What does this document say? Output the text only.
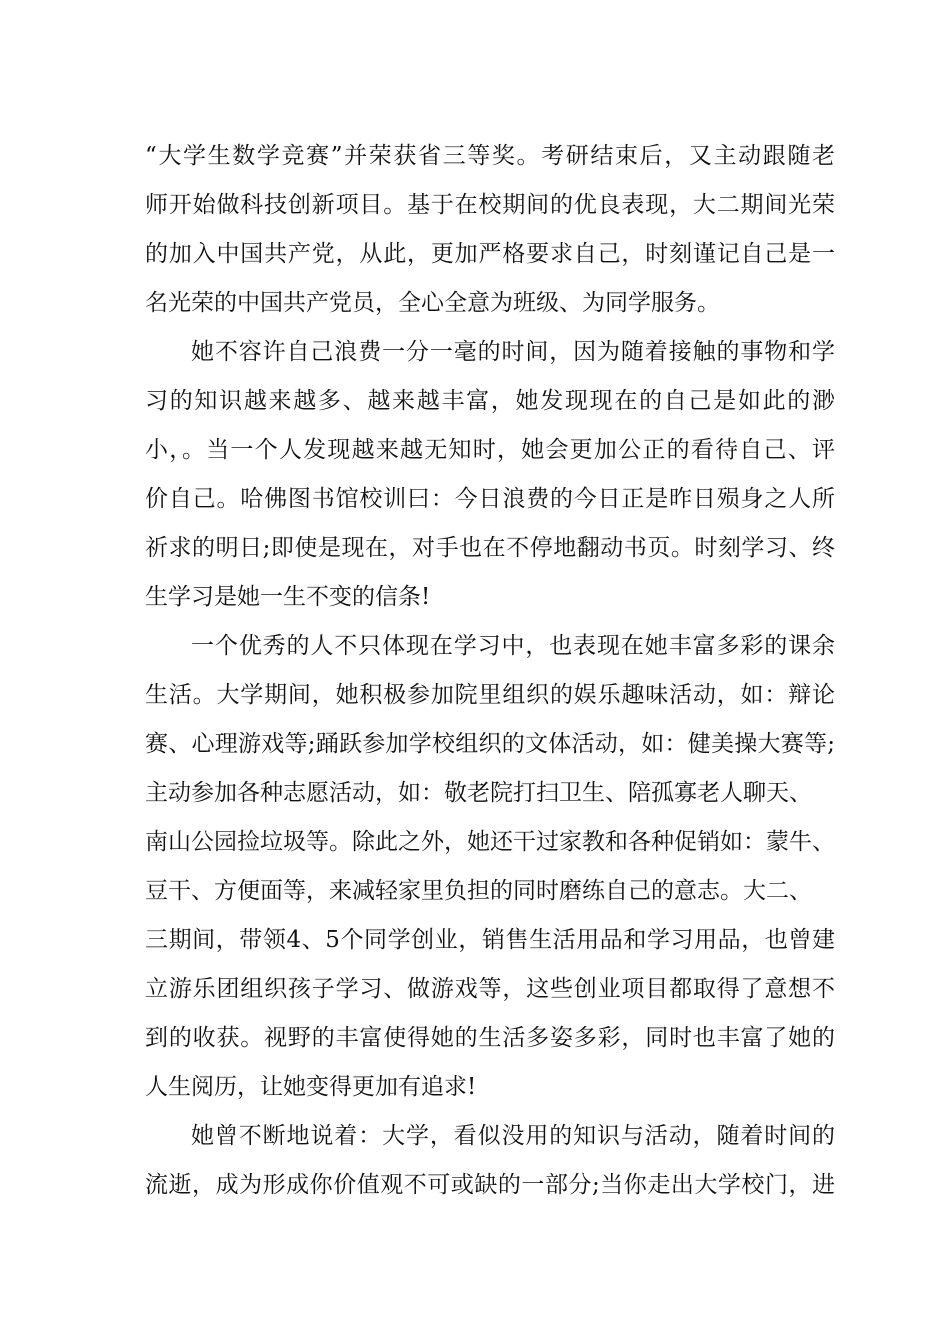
“大学生数学竞赛”并荣获省三等奖。考研结束后，又主动跟随老
师开始做科技创新项目。基于在校期间的优良表现，大二期间光荣
的加入中国共产党，从此，更加严格要求自己，时刻谨记自己是一
名光荣的中国共产党员，全心全意为班级、为同学服务。
她不容许自己浪费一分一毫的时间，因为随着接触的事物和学
习的知识越来越多、越来越丰富，她发现现在的自己是如此的渺
小，。当一个人发现越来越无知时，她会更加公正的看待自己、评
价自己。哈佛图书馆校训曰：今日浪费的今日正是昨日殒身之人所
祈求的明日;即使是现在，对手也在不停地翻动书页。时刻学习、终
生学习是她一生不变的信条!
一个优秀的人不只体现在学习中，也表现在她丰富多彩的课余
生活。大学期间，她积极参加院里组织的娱乐趣味活动，如：辩论
赛、心理游戏等;踊跃参加学校组织的文体活动，如：健美操大赛等;
主动参加各种志愿活动，如：敬老院打扫卫生、陪孤寡老人聊天、
南山公园捡垃圾等。除此之外，她还干过家教和各种促销如：蒙牛、
豆干、方便面等，来减轻家里负担的同时磨练自己的意志。大二、
三期间，带领4、5个同学创业，销售生活用品和学习用品，也曾建
立游乐团组织孩子学习、做游戏等，这些创业项目都取得了意想不
到的收获。视野的丰富使得她的生活多姿多彩，同时也丰富了她的
人生阅历，让她变得更加有追求!
她曾不断地说着：大学，看似没用的知识与活动，随着时间的
流逝，成为形成你价值观不可或缺的一部分;当你走出大学校门，进
